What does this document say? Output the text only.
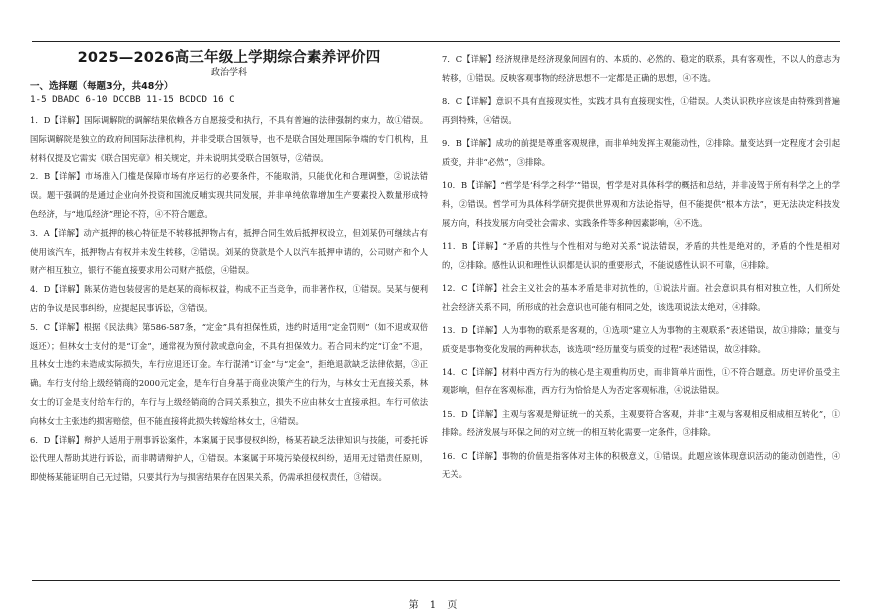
2025—2026高三年级上学期综合素养评价四
政治学科
一、选择题（每题3分，共48分）
1-5 DBADC 6-10 DCCBB 11-15 BCDCD 16 C

1．D【详解】国际调解院的调解结果依赖各方自愿接受和执行，不具有普遍的法律强制约束力，故①错误。国际调解院是独立的政府间国际法律机构，并非受联合国领导，也不是联合国处理国际争端的专门机构，且材料仅提及它需实《联合国宪章》相关规定，并未说明其受联合国领导，②错误。

2．B【详解】市场准入门槛是保障市场有序运行的必要条件，不能取消，只能优化和合理调整，②说法错误。题干强调的是通过企业向外投资和国流反哺实现共同发展，并非单纯依靠增加生产要素投入数量形成特色经济，与“地瓜经济”理论不符，④不符合题意。

3．A【详解】动产抵押的核心特征是不转移抵押物占有，抵押合同生效后抵押权设立，但刘某仍可继续占有使用该汽车，抵押物占有权并未发生转移，②错误。刘某的贷款是个人以汽车抵押申请的，公司财产和个人财产相互独立，银行不能直接要求用公司财产抵偿，④错误。

4．D【详解】陈某仿造包装侵害的是赵某的商标权益，构成不正当竞争，而非著作权，①错误。吴某与便利店的争议是民事纠纷，应提起民事诉讼，③错误。

5．C【详解】根据《民法典》第586-587条，“定金”具有担保性质，违约时适用“定金罚则”（如不退或双倍返还）；但林女士支付的是“订金”，通常视为预付款或意向金，不具有担保效力。若合同未约定“订金”不退，且林女士违约未造成实际损失，车行应退还订金。车行混淆“订金”与“定金”，拒绝退款缺乏法律依据，③正确。车行支付给上级经销商的2000元定金，是车行自身基于商业决策产生的行为，与林女士无直接关系，林女士的订金是支付给车行的，车行与上级经销商的合同关系独立，损失不应由林女士直接承担。车行可依法向林女士主张违约损害赔偿，但不能直接将此损失转嫁给林女士，④错误。

6．D【详解】辩护人适用于刑事诉讼案件，本案属于民事侵权纠纷，杨某若缺乏法律知识与技能，可委托诉讼代理人帮助其进行诉讼，而非聘请辩护人，①错误。本案属于环境污染侵权纠纷，适用无过错责任原则，即使杨某能证明自己无过错，只要其行为与损害结果存在因果关系，仍需承担侵权责任，③错误。

7．C【详解】经济规律是经济现象间固有的、本质的、必然的、稳定的联系，具有客观性，不以人的意志为转移，①错误。反映客观事物的经济思想不一定都是正确的思想，④不选。

8．C【详解】意识不具有直接现实性，实践才具有直接现实性，①错误。人类认识秩序应该是由特殊到普遍再到特殊，④错误。

9．B【详解】成功的前提是尊重客观规律，而非单纯发挥主观能动性，②排除。量变达到一定程度才会引起质变，并非“必然”，③排除。

10．B【详解】“哲学是‘科学之科学’”错误，哲学是对具体科学的概括和总结，并非凌驾于所有科学之上的学科，②错误。哲学可为具体科学研究提供世界观和方法论指导，但不能提供“根本方法”，更无法决定科技发展方向，科技发展方向受社会需求、实践条件等多种因素影响，④不选。

11．B【详解】“矛盾的共性与个性相对与绝对关系”说法错误，矛盾的共性是绝对的，矛盾的个性是相对的，②排除。感性认识和理性认识都是认识的重要形式，不能说感性认识不可靠，④排除。

12．C【详解】社会主义社会的基本矛盾是非对抗性的，①说法片面。社会意识具有相对独立性，人们所处社会经济关系不同，所形成的社会意识也可能有相同之处，该选项说法太绝对，④排除。

13．D【详解】人为事物的联系是客观的，①选项“建立人为事物的主观联系”表述错误，故①排除；量变与质变是事物变化发展的两种状态，该选项“经历量变与质变的过程”表述错误，故②排除。

14．C【详解】材料中西方行为的核心是主观重构历史，而非简单片面性，①不符合题意。历史评价虽受主观影响，但存在客观标准，西方行为恰恰是人为否定客观标准，④说法错误。

15．D【详解】主观与客观是辩证统一的关系，主观要符合客观，并非“主观与客观相反相成相互转化”，①排除。经济发展与环保之间的对立统一的相互转化需要一定条件，③排除。

16．C【详解】事物的价值是指客体对主体的积极意义，①错误。此题应该体现意识活动的能动创造性，④无关。

第 1 页
